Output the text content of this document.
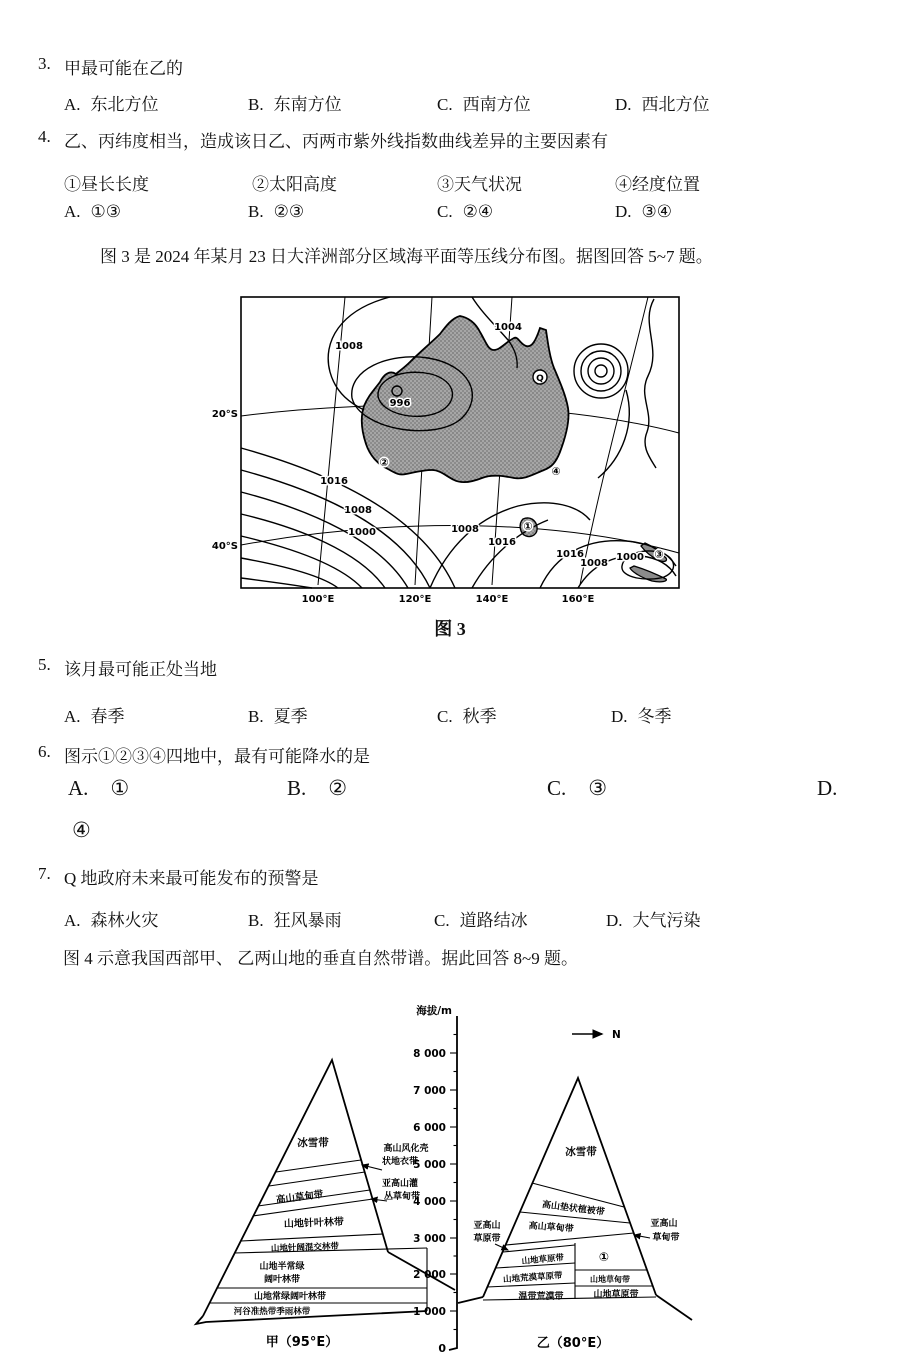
3. 甲最可能在乙的
A. 东北方位	B. 东南方位	C. 西南方位	D. 西北方位
4. 乙、丙纬度相当，造成该日乙、丙两市紫外线指数曲线差异的主要因素有
①昼长长度	②太阳高度	③天气状况	④经度位置
A. ①③	B. ②③	C. ②④	D. ③④
图 3 是 2024 年某月 23 日大洋洲部分区域海平面等压线分布图。据图回答 5~7 题。
1008
1004
996
1016
1008
1000	1008
1016
1016
1008
1000
①
②
③
④
Q
20°S
40°S
100°E	120°E	140°E	160°E
图 3
5. 该月最可能正处当地
A. 春季	B. 夏季	C. 秋季	D. 冬季
6. 图示①②③④四地中，最有可能降水的是
A. ①	B. ②	C. ③	D.
④
7. Q 地政府未来最可能发布的预警是
A. 森林火灾	B. 狂风暴雨	C. 道路结冰	D. 大气污染
图 4 示意我国西部甲、 乙两山地的垂直自然带谱。据此回答 8~9 题。
海拔/m
8 000
7 000
6 000
5 000
4 000
3 000
2 000
1 000
0
N
冰雪带
高山草甸带
山地针叶林带
山地针阔混交林带
山地半常绿
阔叶林带
山地常绿阔叶林带
河谷准热带季雨林带
高山风化壳
状地衣带
亚高山灌
丛草甸带
甲（95°E）
冰雪带
高山垫状植被带
高山草甸带
山地草原带
山地荒漠草原带
温带荒漠带
①
山地草甸带
山地草原带
亚高山
草原带
亚高山
草甸带
乙（80°E）
